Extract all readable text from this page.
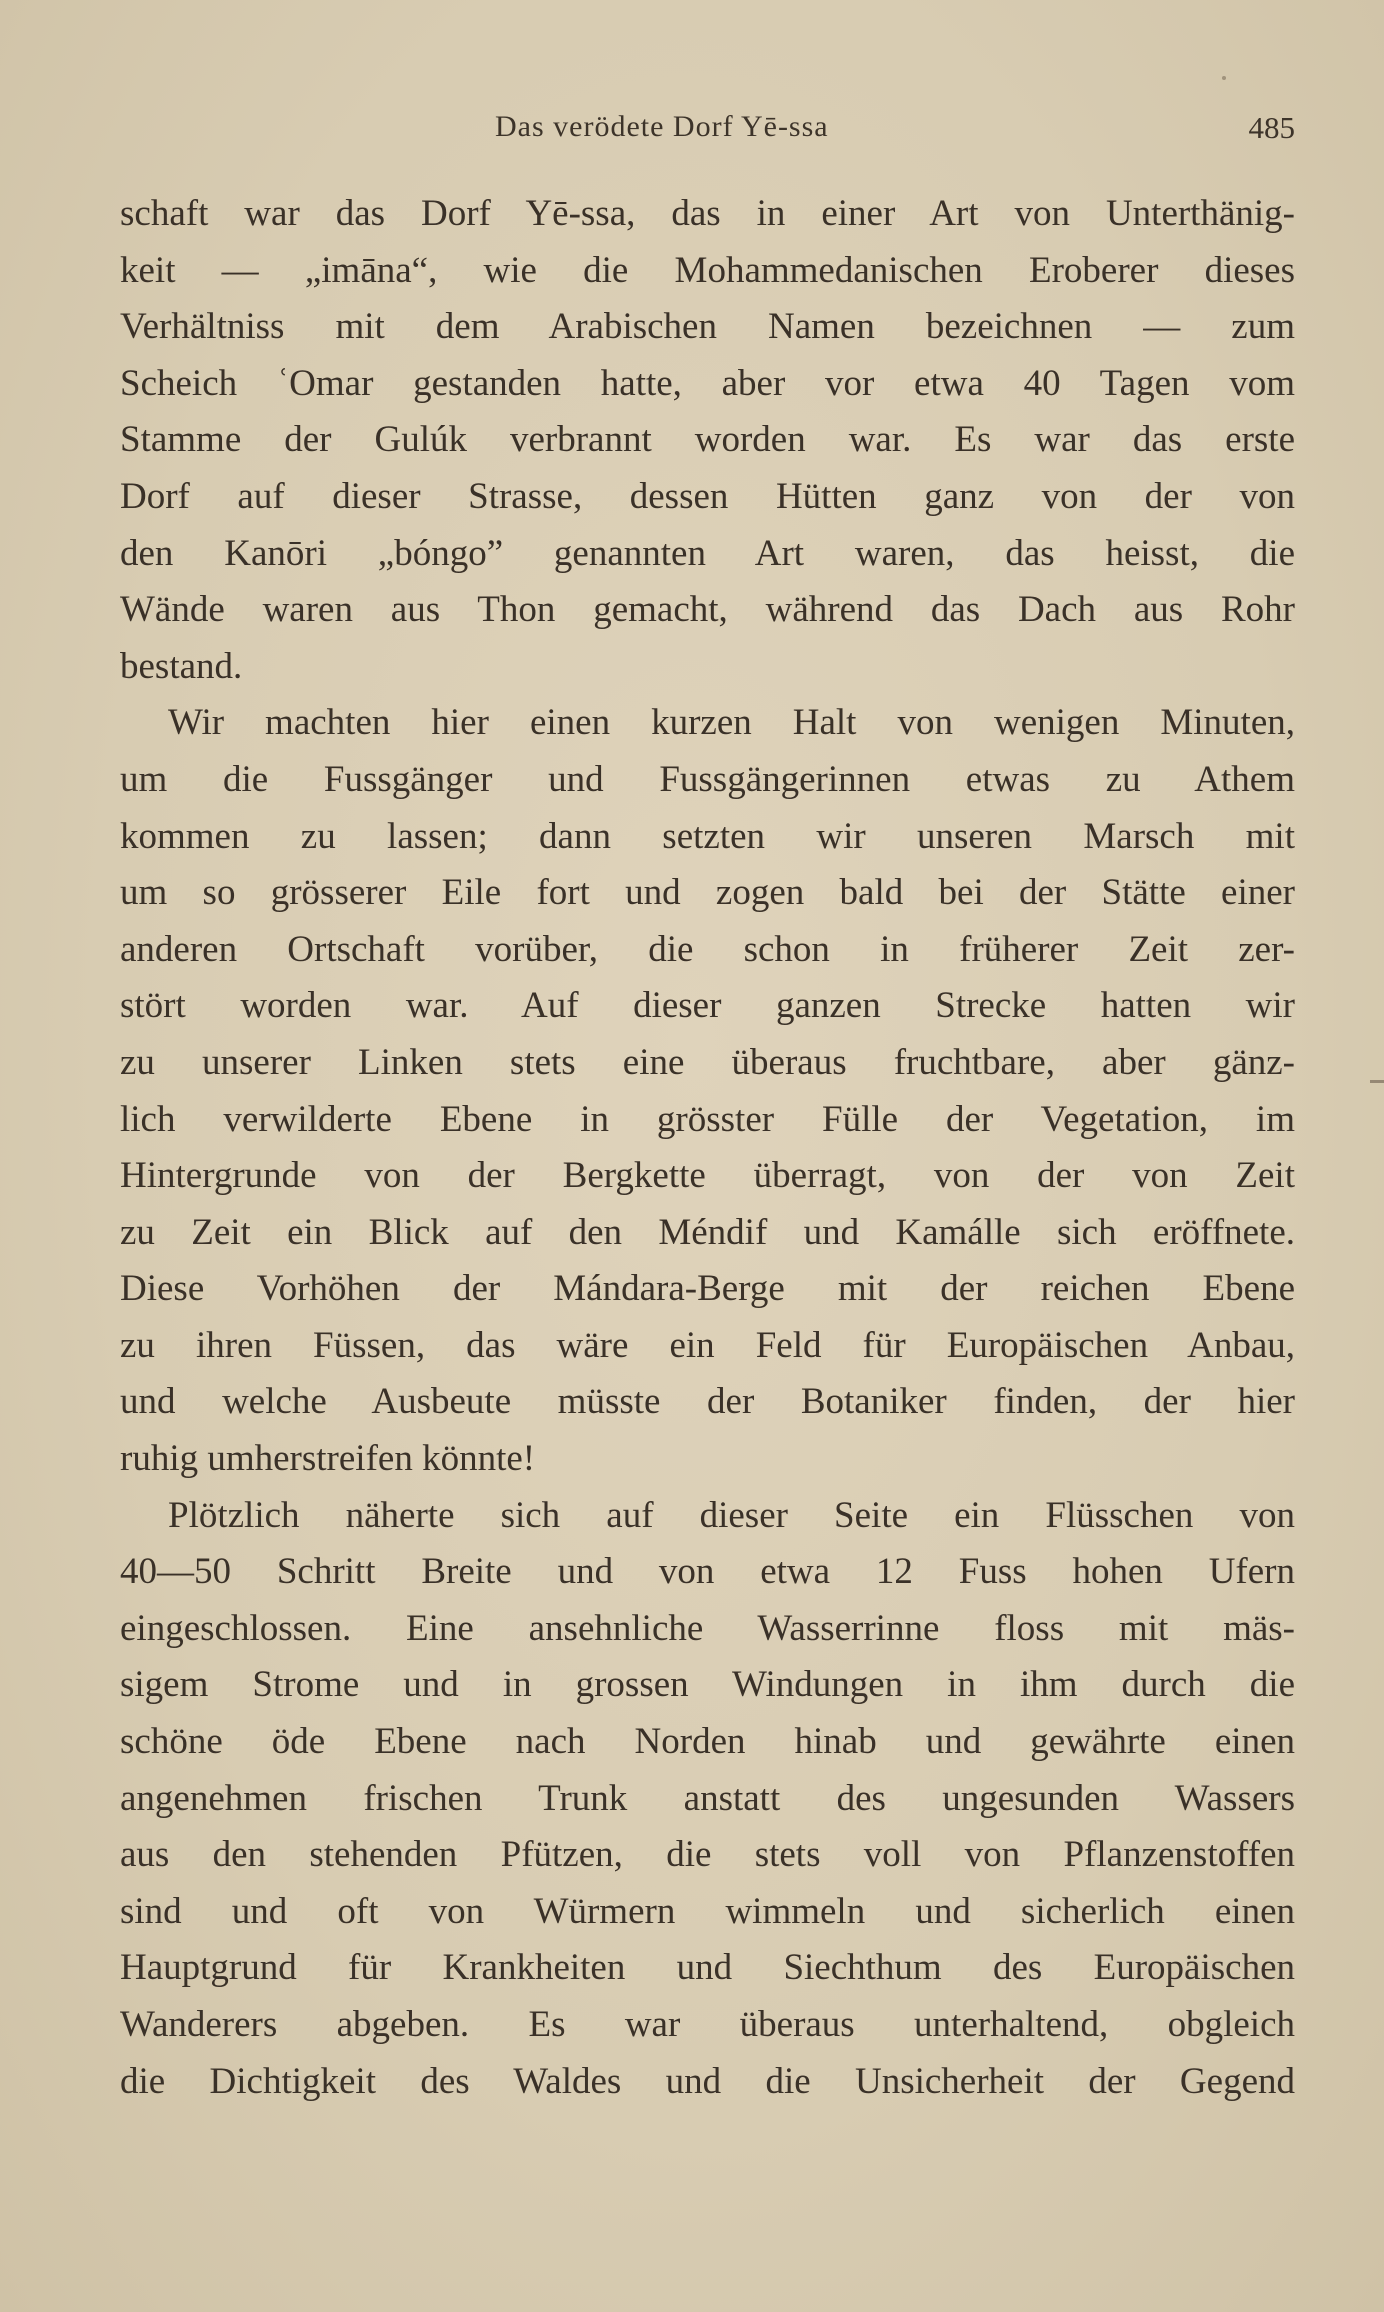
Das verödete Dorf Yē-ssa	485
schaft war das Dorf Yē-ssa, das in einer Art von Unterthänig-
keit — „imāna“, wie die Mohammedanischen Eroberer dieses
Verhältniss mit dem Arabischen Namen bezeichnen — zum
Scheich ʿOmar gestanden hatte, aber vor etwa 40 Tagen vom
Stamme der Gulúk verbrannt worden war. Es war das erste
Dorf auf dieser Strasse, dessen Hütten ganz von der von
den Kanōri „bóngo” genannten Art waren, das heisst, die
Wände waren aus Thon gemacht, während das Dach aus Rohr
bestand.
Wir machten hier einen kurzen Halt von wenigen Minuten,
um die Fussgänger und Fussgängerinnen etwas zu Athem
kommen zu lassen; dann setzten wir unseren Marsch mit
um so grösserer Eile fort und zogen bald bei der Stätte einer
anderen Ortschaft vorüber, die schon in früherer Zeit zer-
stört worden war. Auf dieser ganzen Strecke hatten wir
zu unserer Linken stets eine überaus fruchtbare, aber gänz-
lich verwilderte Ebene in grösster Fülle der Vegetation, im
Hintergrunde von der Bergkette überragt, von der von Zeit
zu Zeit ein Blick auf den Méndif und Kamálle sich eröffnete.
Diese Vorhöhen der Mándara-Berge mit der reichen Ebene
zu ihren Füssen, das wäre ein Feld für Europäischen Anbau,
und welche Ausbeute müsste der Botaniker finden, der hier
ruhig umherstreifen könnte!
Plötzlich näherte sich auf dieser Seite ein Flüsschen von
40—50 Schritt Breite und von etwa 12 Fuss hohen Ufern
eingeschlossen. Eine ansehnliche Wasserrinne floss mit mäs-
sigem Strome und in grossen Windungen in ihm durch die
schöne öde Ebene nach Norden hinab und gewährte einen
angenehmen frischen Trunk anstatt des ungesunden Wassers
aus den stehenden Pfützen, die stets voll von Pflanzenstoffen
sind und oft von Würmern wimmeln und sicherlich einen
Hauptgrund für Krankheiten und Siechthum des Europäischen
Wanderers abgeben. Es war überaus unterhaltend, obgleich
die Dichtigkeit des Waldes und die Unsicherheit der Gegend
